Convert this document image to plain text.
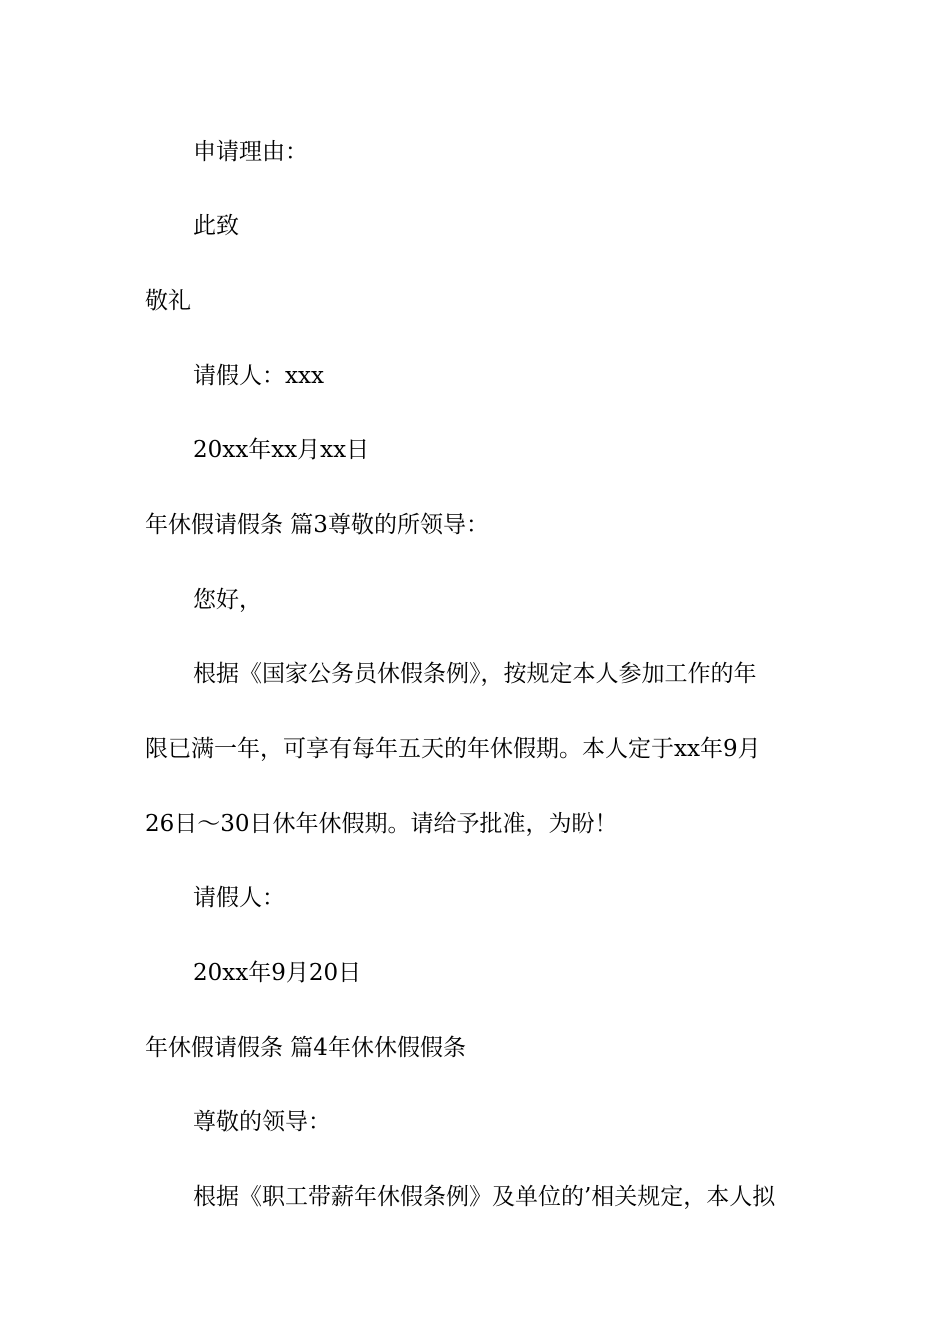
申请理由：
此致
敬礼
请假人：xxx
20xx年xx月xx日
年休假请假条 篇3尊敬的所领导：
您好，
根据《国家公务员休假条例》，按规定本人参加工作的年
限已满一年，可享有每年五天的年休假期。本人定于xx年9月
26日～30日休年休假期。请给予批准，为盼！
请假人：
20xx年9月20日
年休假请假条 篇4年休休假假条
尊敬的领导：
根据《职工带薪年休假条例》及单位的’相关规定，本人拟
